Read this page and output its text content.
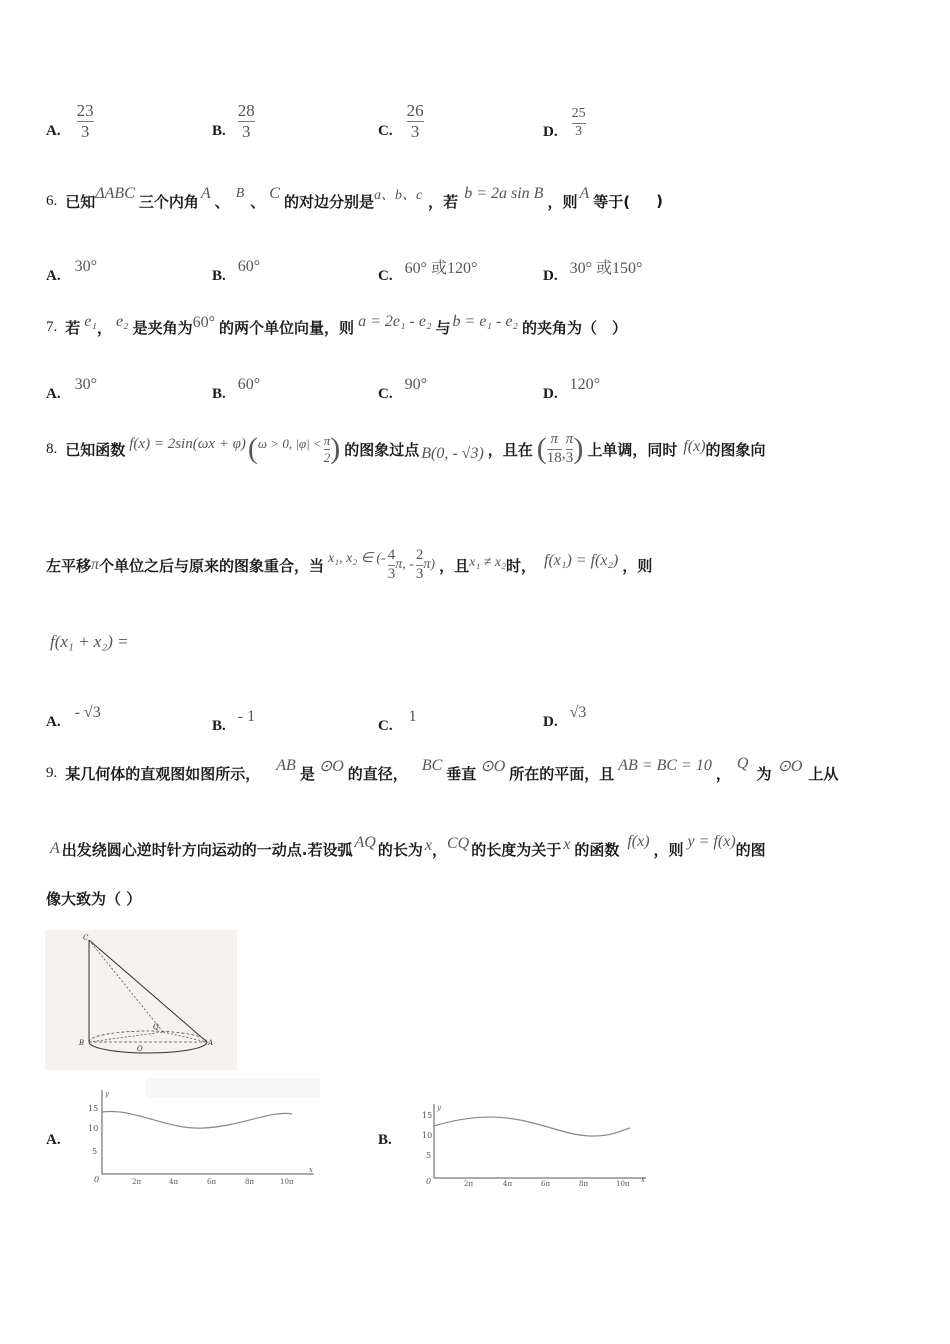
A. $\frac{23}{3}$	B. $\frac{28}{3}$	C. $\frac{26}{3}$	D. $\frac{25}{3}$
6. 已知 ΔABC 三个内角 A 、 B 、 C 的对边分别是 a、b、c ，若 b = 2a sin B ，则 A 等于( )
A.
30°
B.
60°
C. 60° 或120°	D. 30° 或150°
7. 若 e₁ ， e₂ 是夹角为 60° 的两个单位向量，则 a = 2e₁ - e₂ 与 b = e₁ - e₂ 的夹角为（　）
A.
30°
B.
60°
C.
90°
D.
120°
8. 已知函数 f(x) = 2sin(ωx + φ) ( ω > 0, $|\varphi| < \frac{\pi}{2}$ ) 的图象过点 B(0, - √3) ，且在 ( $\frac{\pi}{18}$ , $\frac{\pi}{3}$ ) 上单调，同时 f(x) 的图象向
左平移 π 个单位之后与原来的图象重合，当 x₁, x₂ ∈ (- $\frac{4}{3} \pi$, - $\frac{2}{3} \pi$) ，且 x₁ ≠ x₂ 时， f(x₁) = f(x₂) ，则
f(x₁ + x₂) =
A.
- √3
B.
- 1
C.
1	D.
√3
9. 某几何体的直观图如图所示， AB 是 ⊙O 的直径， BC 垂直 ⊙O 所在的平面，且 AB = BC = 10 ，
Q
为 ⊙O 上从
A 出发绕圆心逆时针方向运动的一动点.若设弧 AQ 的长为 x ， CQ 的长度为关于 x 的函数 f(x) ，则 y = f(x) 的图
像大致为（ ）
C
B	A
O
Q
A.
y
x
15
10
5
0	2π	4π	6π	8π	10π
B.
y
x
15
10
5
0	2π	4π	6π	8π	10π
